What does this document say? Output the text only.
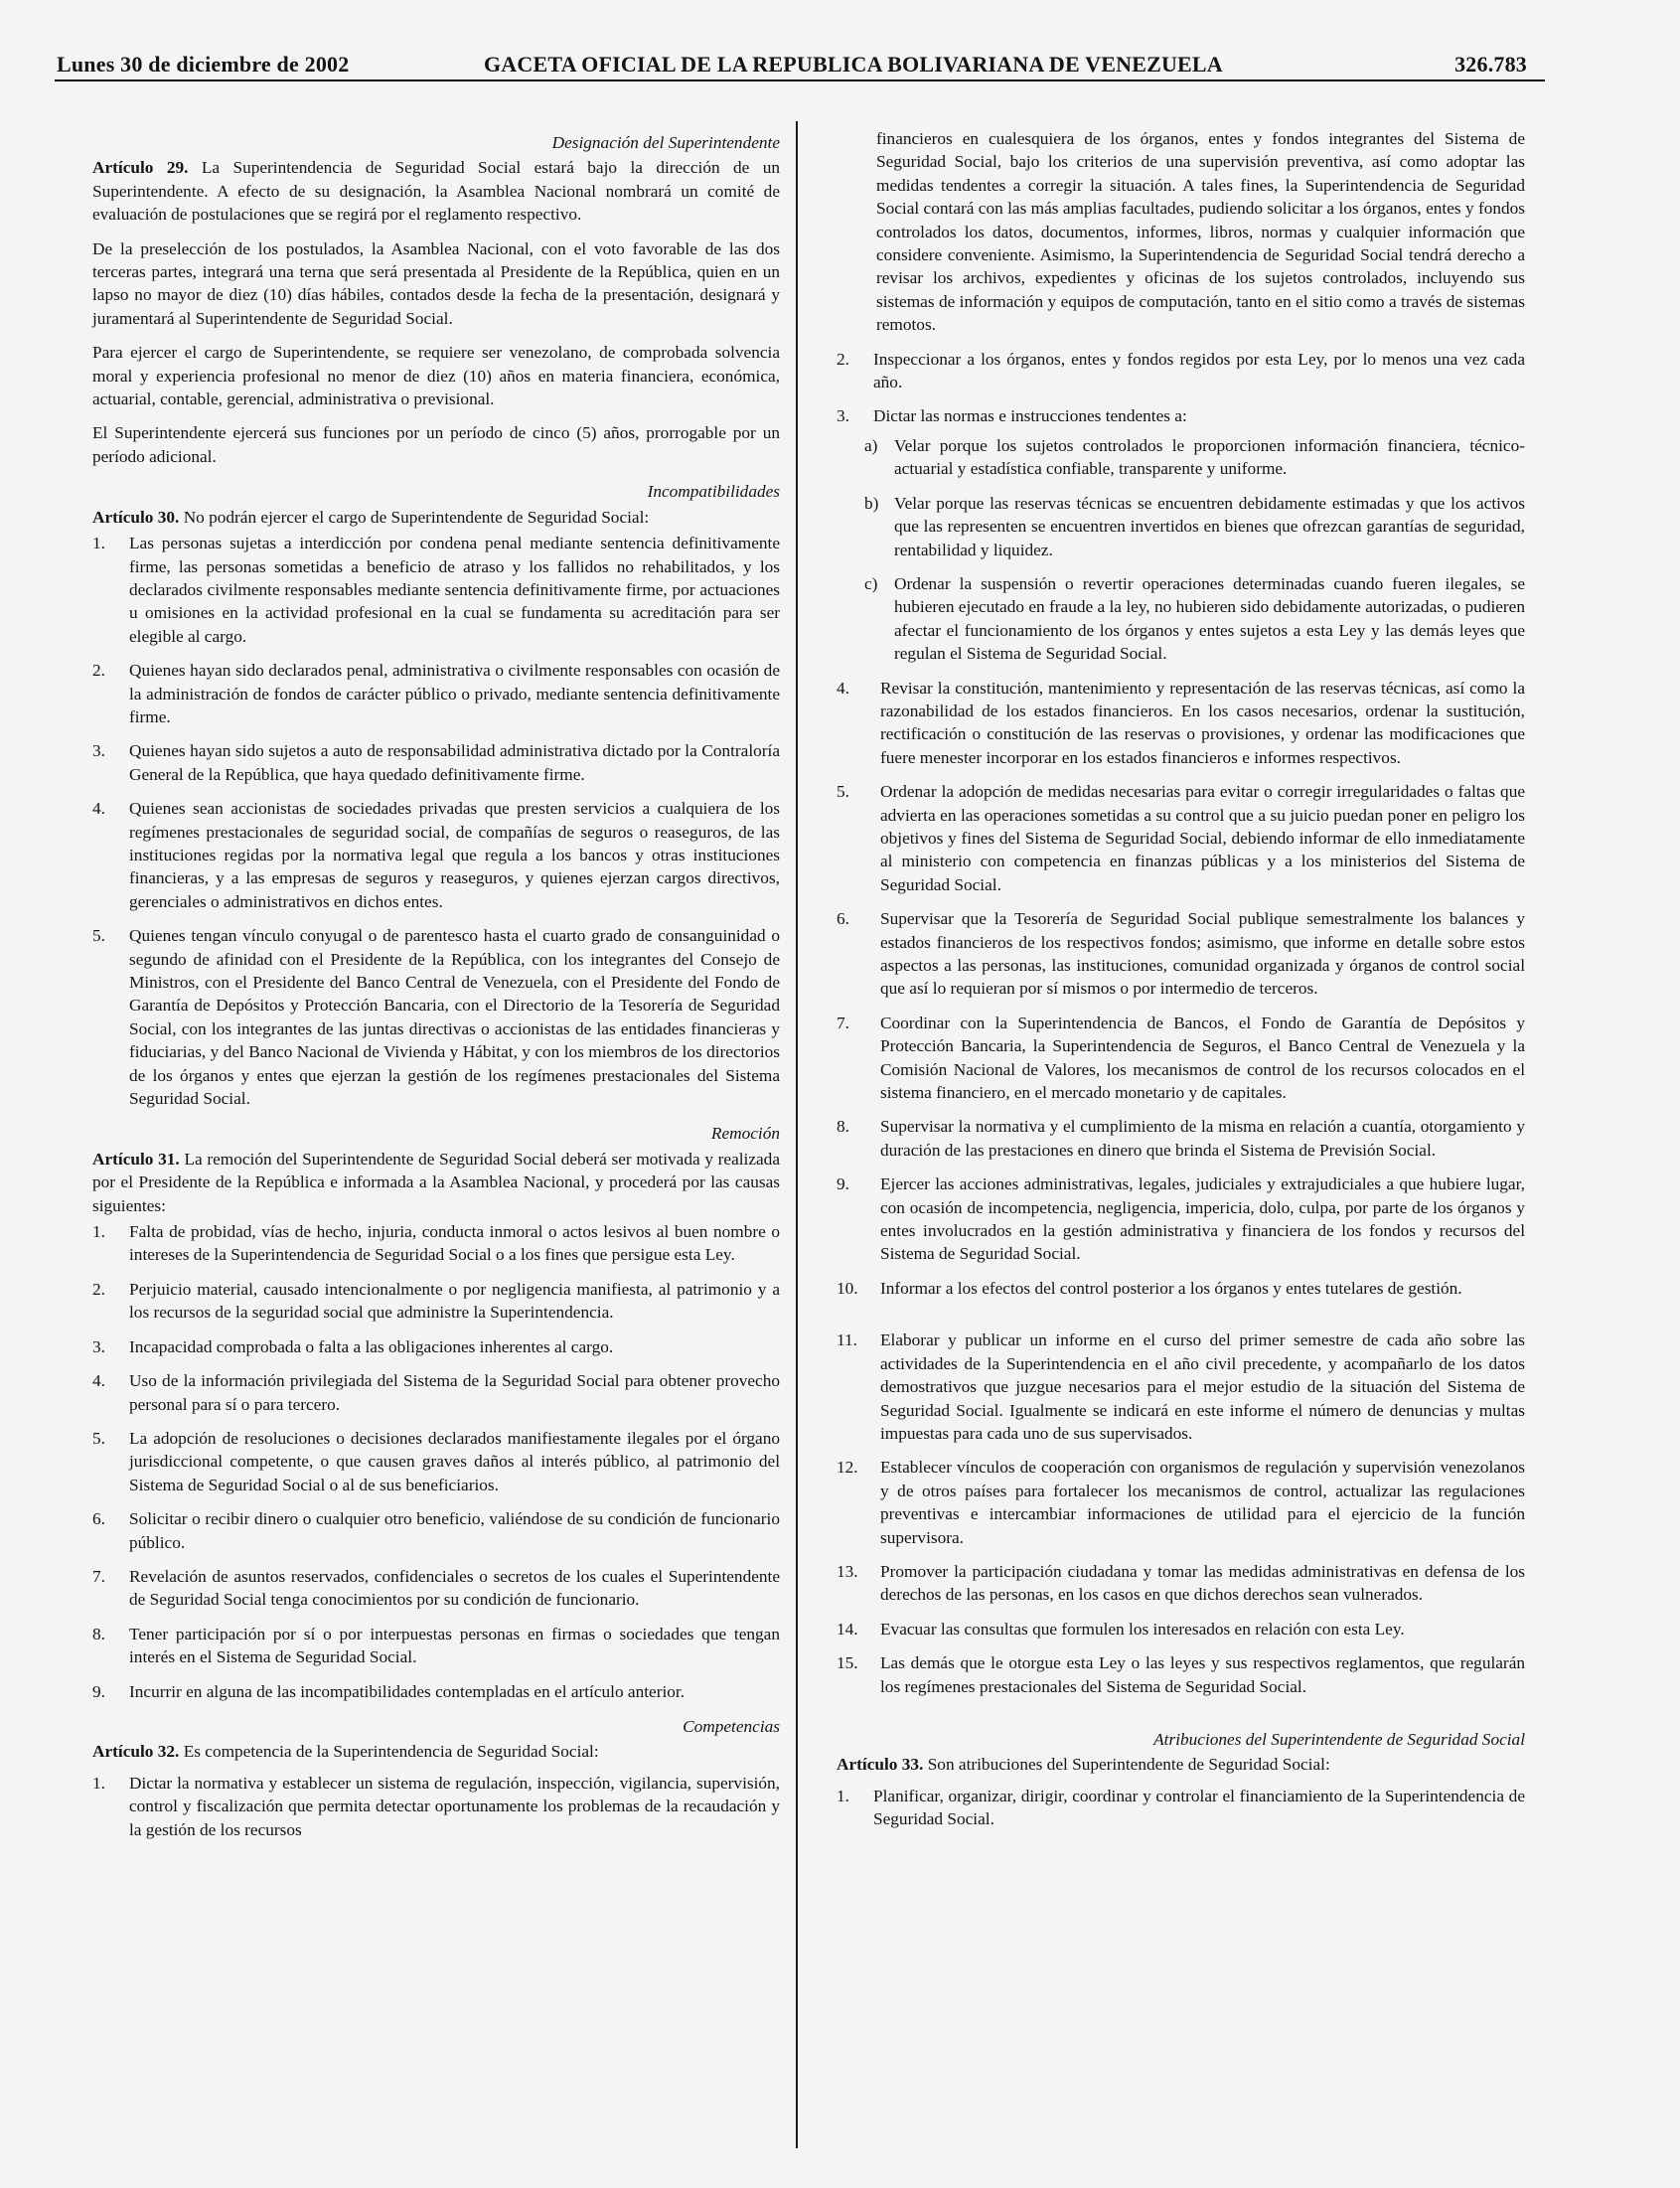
Lunes 30 de diciembre de 2002	GACETA OFICIAL DE LA REPUBLICA BOLIVARIANA DE VENEZUELA	326.783
Designación del Superintendente

Artículo 29. La Superintendencia de Seguridad Social estará bajo la dirección de un Superintendente. A efecto de su designación, la Asamblea Nacional nombrará un comité de evaluación de postulaciones que se regirá por el reglamento respectivo.

De la preselección de los postulados, la Asamblea Nacional, con el voto favorable de las dos terceras partes, integrará una terna que será presentada al Presidente de la República, quien en un lapso no mayor de diez (10) días hábiles, contados desde la fecha de la presentación, designará y juramentará al Superintendente de Seguridad Social.

Para ejercer el cargo de Superintendente, se requiere ser venezolano, de comprobada solvencia moral y experiencia profesional no menor de diez (10) años en materia financiera, económica, actuarial, contable, gerencial, administrativa o previsional.

El Superintendente ejercerá sus funciones por un período de cinco (5) años, prorrogable por un período adicional.

Incompatibilidades

Artículo 30. No podrán ejercer el cargo de Superintendente de Seguridad Social:

1.	Las personas sujetas a interdicción por condena penal mediante sentencia definitivamente firme, las personas sometidas a beneficio de atraso y los fallidos no rehabilitados, y los declarados civilmente responsables mediante sentencia definitivamente firme, por actuaciones u omisiones en la actividad profesional en la cual se fundamenta su acreditación para ser elegible al cargo.
2.	Quienes hayan sido declarados penal, administrativa o civilmente responsables con ocasión de la administración de fondos de carácter público o privado, mediante sentencia definitivamente firme.
3.	Quienes hayan sido sujetos a auto de responsabilidad administrativa dictado por la Contraloría General de la República, que haya quedado definitivamente firme.
4.	Quienes sean accionistas de sociedades privadas que presten servicios a cualquiera de los regímenes prestacionales de seguridad social, de compañías de seguros o reaseguros, de las instituciones regidas por la normativa legal que regula a los bancos y otras instituciones financieras, y a las empresas de seguros y reaseguros, y quienes ejerzan cargos directivos, gerenciales o administrativos en dichos entes.
5.	Quienes tengan vínculo conyugal o de parentesco hasta el cuarto grado de consanguinidad o segundo de afinidad con el Presidente de la República, con los integrantes del Consejo de Ministros, con el Presidente del Banco Central de Venezuela, con el Presidente del Fondo de Garantía de Depósitos y Protección Bancaria, con el Directorio de la Tesorería de Seguridad Social, con los integrantes de las juntas directivas o accionistas de las entidades financieras y fiduciarias, y del Banco Nacional de Vivienda y Hábitat, y con los miembros de los directorios de los órganos y entes que ejerzan la gestión de los regímenes prestacionales del Sistema Seguridad Social.
Remoción

Artículo 31. La remoción del Superintendente de Seguridad Social deberá ser motivada y realizada por el Presidente de la República e informada a la Asamblea Nacional, y procederá por las causas siguientes:

1.	Falta de probidad, vías de hecho, injuria, conducta inmoral o actos lesivos al buen nombre o intereses de la Superintendencia de Seguridad Social o a los fines que persigue esta Ley.
2.	Perjuicio material, causado intencionalmente o por negligencia manifiesta, al patrimonio y a los recursos de la seguridad social que administre la Superintendencia.
3.	Incapacidad comprobada o falta a las obligaciones inherentes al cargo.
4.	Uso de la información privilegiada del Sistema de la Seguridad Social para obtener provecho personal para sí o para tercero.
5.	La adopción de resoluciones o decisiones declarados manifiestamente ilegales por el órgano jurisdiccional competente, o que causen graves daños al interés público, al patrimonio del Sistema de Seguridad Social o al de sus beneficiarios.
6.	Solicitar o recibir dinero o cualquier otro beneficio, valiéndose de su condición de funcionario público.
7.	Revelación de asuntos reservados, confidenciales o secretos de los cuales el Superintendente de Seguridad Social tenga conocimientos por su condición de funcionario.
8.	Tener participación por sí o por interpuestas personas en firmas o sociedades que tengan interés en el Sistema de Seguridad Social.
9.	Incurrir en alguna de las incompatibilidades contempladas en el artículo anterior.
Competencias

Artículo 32. Es competencia de la Superintendencia de Seguridad Social:

1.	Dictar la normativa y establecer un sistema de regulación, inspección, vigilancia, supervisión, control y fiscalización que permita detectar oportunamente los problemas de la recaudación y la gestión de los recursos

financieros en cualesquiera de los órganos, entes y fondos integrantes del Sistema de Seguridad Social, bajo los criterios de una supervisión preventiva, así como adoptar las medidas tendentes a corregir la situación. A tales fines, la Superintendencia de Seguridad Social contará con las más amplias facultades, pudiendo solicitar a los órganos, entes y fondos controlados los datos, documentos, informes, libros, normas y cualquier información que considere conveniente. Asimismo, la Superintendencia de Seguridad Social tendrá derecho a revisar los archivos, expedientes y oficinas de los sujetos controlados, incluyendo sus sistemas de información y equipos de computación, tanto en el sitio como a través de sistemas remotos.

2.	Inspeccionar a los órganos, entes y fondos regidos por esta Ley, por lo menos una vez cada año.
3.	Dictar las normas e instrucciones tendentes a:
a) Velar porque los sujetos controlados le proporcionen información financiera, técnico-actuarial y estadística confiable, transparente y uniforme.
b) Velar porque las reservas técnicas se encuentren debidamente estimadas y que los activos que las representen se encuentren invertidos en bienes que ofrezcan garantías de seguridad, rentabilidad y liquidez.
c) Ordenar la suspensión o revertir operaciones determinadas cuando fueren ilegales, se hubieren ejecutado en fraude a la ley, no hubieren sido debidamente autorizadas, o pudieren afectar el funcionamiento de los órganos y entes sujetos a esta Ley y las demás leyes que regulan el Sistema de Seguridad Social.
4.	Revisar la constitución, mantenimiento y representación de las reservas técnicas, así como la razonabilidad de los estados financieros. En los casos necesarios, ordenar la sustitución, rectificación o constitución de las reservas o provisiones, y ordenar las modificaciones que fuere menester incorporar en los estados financieros e informes respectivos.
5.	Ordenar la adopción de medidas necesarias para evitar o corregir irregularidades o faltas que advierta en las operaciones sometidas a su control que a su juicio puedan poner en peligro los objetivos y fines del Sistema de Seguridad Social, debiendo informar de ello inmediatamente al ministerio con competencia en finanzas públicas y a los ministerios del Sistema de Seguridad Social.
6.	Supervisar que la Tesorería de Seguridad Social publique semestralmente los balances y estados financieros de los respectivos fondos; asimismo, que informe en detalle sobre estos aspectos a las personas, las instituciones, comunidad organizada y órganos de control social que así lo requieran por sí mismos o por intermedio de terceros.
7.	Coordinar con la Superintendencia de Bancos, el Fondo de Garantía de Depósitos y Protección Bancaria, la Superintendencia de Seguros, el Banco Central de Venezuela y la Comisión Nacional de Valores, los mecanismos de control de los recursos colocados en el sistema financiero, en el mercado monetario y de capitales.
8.	Supervisar la normativa y el cumplimiento de la misma en relación a cuantía, otorgamiento y duración de las prestaciones en dinero que brinda el Sistema de Previsión Social.
9.	Ejercer las acciones administrativas, legales, judiciales y extrajudiciales a que hubiere lugar, con ocasión de incompetencia, negligencia, impericia, dolo, culpa, por parte de los órganos y entes involucrados en la gestión administrativa y financiera de los fondos y recursos del Sistema de Seguridad Social.
10.	Informar a los efectos del control posterior a los órganos y entes tutelares de gestión.
11.	Elaborar y publicar un informe en el curso del primer semestre de cada año sobre las actividades de la Superintendencia en el año civil precedente, y acompañarlo de los datos demostrativos que juzgue necesarios para el mejor estudio de la situación del Sistema de Seguridad Social. Igualmente se indicará en este informe el número de denuncias y multas impuestas para cada uno de sus supervisados.
12.	Establecer vínculos de cooperación con organismos de regulación y supervisión venezolanos y de otros países para fortalecer los mecanismos de control, actualizar las regulaciones preventivas e intercambiar informaciones de utilidad para el ejercicio de la función supervisora.
13.	Promover la participación ciudadana y tomar las medidas administrativas en defensa de los derechos de las personas, en los casos en que dichos derechos sean vulnerados.
14.	Evacuar las consultas que formulen los interesados en relación con esta Ley.
15.	Las demás que le otorgue esta Ley o las leyes y sus respectivos reglamentos, que regularán los regímenes prestacionales del Sistema de Seguridad Social.
Atribuciones del Superintendente de Seguridad Social

Artículo 33. Son atribuciones del Superintendente de Seguridad Social:

1.	Planificar, organizar, dirigir, coordinar y controlar el financiamiento de la Superintendencia de Seguridad Social.
